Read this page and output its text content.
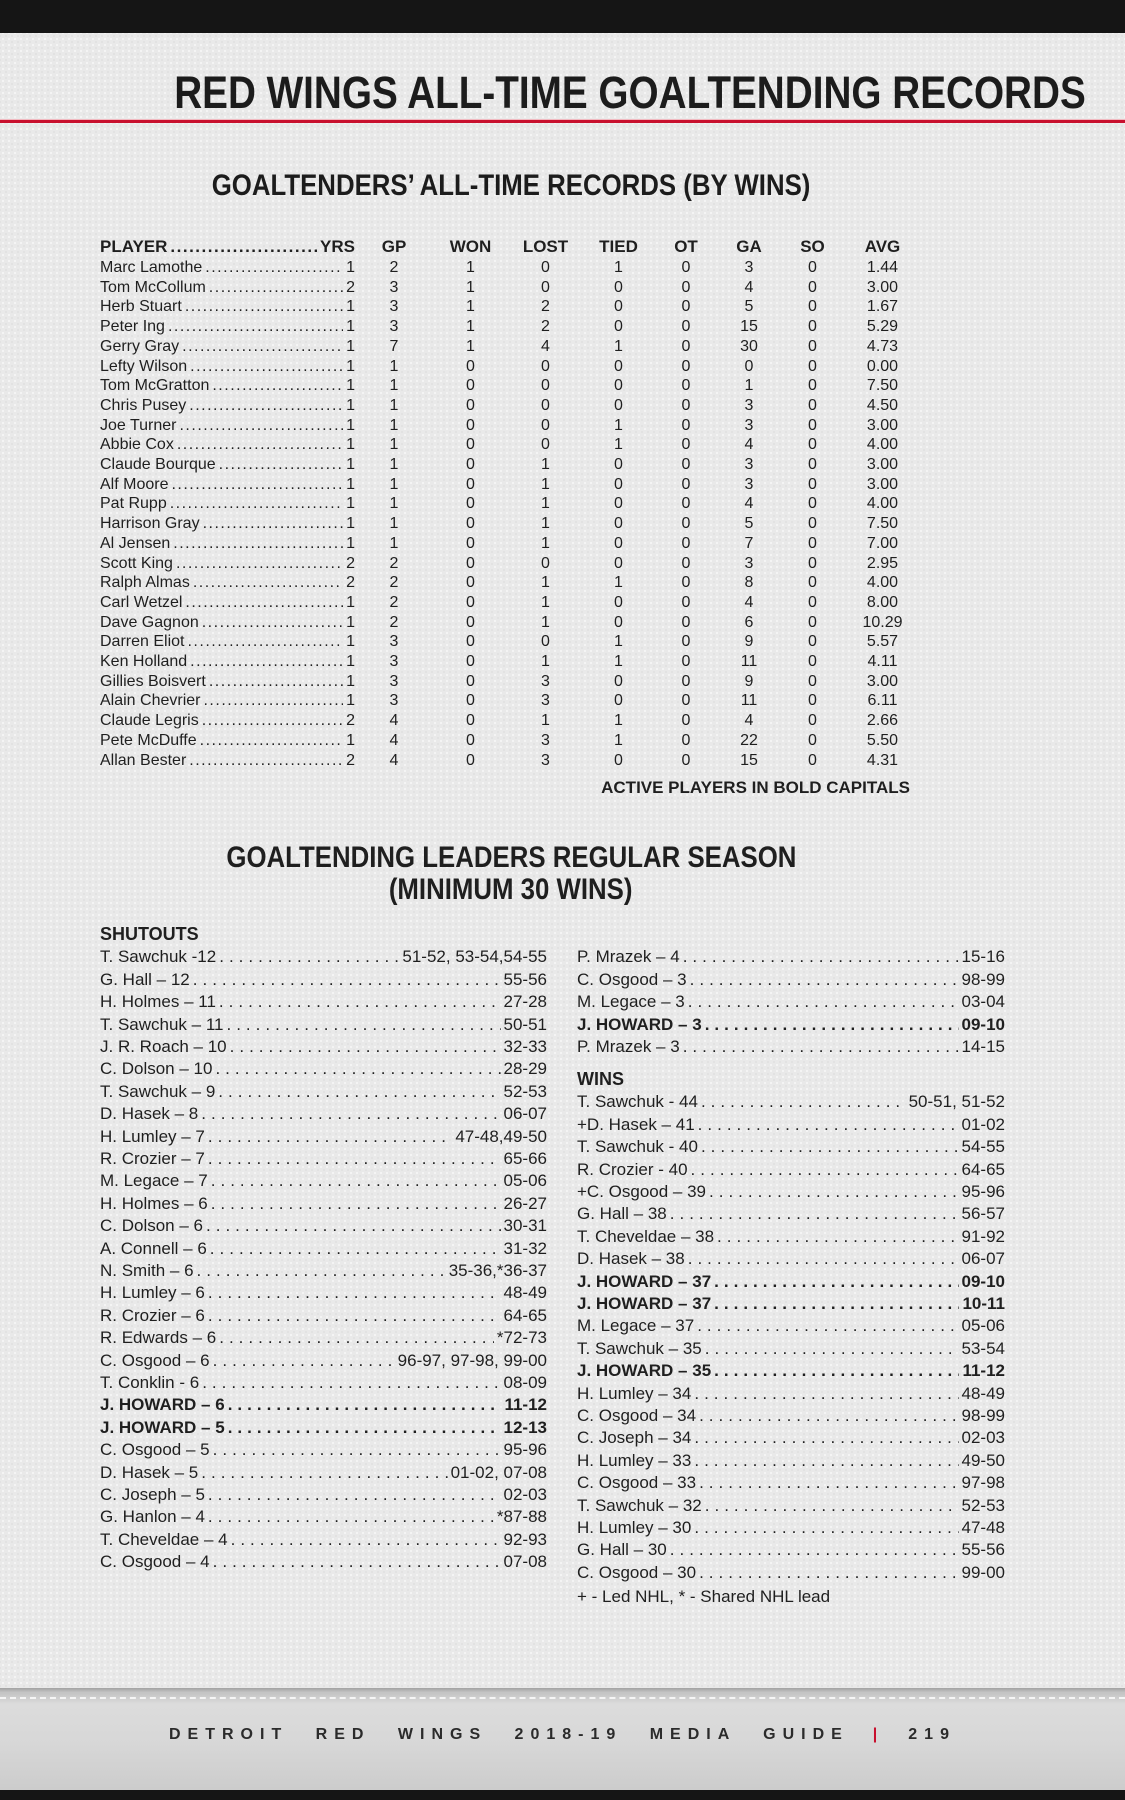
RED WINGS ALL-TIME GOALTENDING RECORDS
GOALTENDERS’ ALL-TIME RECORDS (BY WINS)
PLAYER .....	YRS	GP	WON	LOST	TIED	OT	GA	SO	AVG
Marc Lamothe .....	1	2	1	0	1	0	3	0	1.44
Tom McCollum .....	2	3	1	0	0	0	4	0	3.00
Herb Stuart .....	1	3	1	2	0	0	5	0	1.67
Peter Ing .....	1	3	1	2	0	0	15	0	5.29
Gerry Gray .....	1	7	1	4	1	0	30	0	4.73
Lefty Wilson .....	1	1	0	0	0	0	0	0	0.00
Tom McGratton .....	1	1	0	0	0	0	1	0	7.50
Chris Pusey .....	1	1	0	0	0	0	3	0	4.50
Joe Turner .....	1	1	0	0	1	0	3	0	3.00
Abbie Cox .....	1	1	0	0	1	0	4	0	4.00
Claude Bourque .....	1	1	0	1	0	0	3	0	3.00
Alf Moore .....	1	1	0	1	0	0	3	0	3.00
Pat Rupp .....	1	1	0	1	0	0	4	0	4.00
Harrison Gray .....	1	1	0	1	0	0	5	0	7.50
Al Jensen .....	1	1	0	1	0	0	7	0	7.00
Scott King .....	2	2	0	0	0	0	3	0	2.95
Ralph Almas .....	2	2	0	1	1	0	8	0	4.00
Carl Wetzel .....	1	2	0	1	0	0	4	0	8.00
Dave Gagnon .....	1	2	0	1	0	0	6	0	10.29
Darren Eliot .....	1	3	0	0	1	0	9	0	5.57
Ken Holland .....	1	3	0	1	1	0	11	0	4.11
Gillies Boisvert .....	1	3	0	3	0	0	9	0	3.00
Alain Chevrier .....	1	3	0	3	0	0	11	0	6.11
Claude Legris .....	2	4	0	1	1	0	4	0	2.66
Pete McDuffe .....	1	4	0	3	1	0	22	0	5.50
Allan Bester .....	2	4	0	3	0	0	15	0	4.31
ACTIVE PLAYERS IN BOLD CAPITALS
GOALTENDING LEADERS REGULAR SEASON
(MINIMUM 30 WINS)
SHUTOUTS
T. Sawchuk -12 .....	51-52, 53-54,54-55
G. Hall – 12 .....	55-56
H. Holmes – 11 .....	27-28
T. Sawchuk – 11 .....	50-51
J. R. Roach – 10 .....	32-33
C. Dolson – 10 .....	28-29
T. Sawchuk – 9 .....	52-53
D. Hasek – 8 .....	06-07
H. Lumley – 7 .....	47-48,49-50
R. Crozier – 7 .....	65-66
M. Legace – 7 .....	05-06
H. Holmes – 6 .....	26-27
C. Dolson – 6 .....	30-31
A. Connell – 6 .....	31-32
N. Smith – 6 .....	35-36,*36-37
H. Lumley – 6 .....	48-49
R. Crozier – 6 .....	64-65
R. Edwards – 6 .....	*72-73
C. Osgood – 6 .....	96-97, 97-98, 99-00
T. Conklin - 6 .....	08-09
J. HOWARD – 6 .....	11-12
J. HOWARD – 5 .....	12-13
C. Osgood – 5 .....	95-96
D. Hasek – 5 .....	01-02, 07-08
C. Joseph – 5 .....	02-03
G. Hanlon – 4 .....	*87-88
T. Cheveldae – 4 .....	92-93
C. Osgood – 4 .....	07-08
P. Mrazek – 4 .....	15-16
C. Osgood – 3 .....	98-99
M. Legace – 3 .....	03-04
J. HOWARD – 3 .....	09-10
P. Mrazek – 3 .....	14-15
WINS
T. Sawchuk - 44 .....	50-51, 51-52
+D. Hasek – 41 .....	01-02
T. Sawchuk - 40 .....	54-55
R. Crozier - 40 .....	64-65
+C. Osgood – 39 .....	95-96
G. Hall – 38 .....	56-57
T. Cheveldae – 38 .....	91-92
D. Hasek – 38 .....	06-07
J. HOWARD – 37 .....	09-10
J. HOWARD – 37 .....	10-11
M. Legace – 37 .....	05-06
T. Sawchuk – 35 .....	53-54
J. HOWARD – 35 .....	11-12
H. Lumley – 34 .....	48-49
C. Osgood – 34 .....	98-99
C. Joseph – 34 .....	02-03
H. Lumley – 33 .....	49-50
C. Osgood – 33 .....	97-98
T. Sawchuk – 32 .....	52-53
H. Lumley – 30 .....	47-48
G. Hall – 30 .....	55-56
C. Osgood – 30 .....	99-00
+ - Led NHL, * - Shared NHL lead
DETROIT RED WINGS 2018-19 MEDIA GUIDE | 219
